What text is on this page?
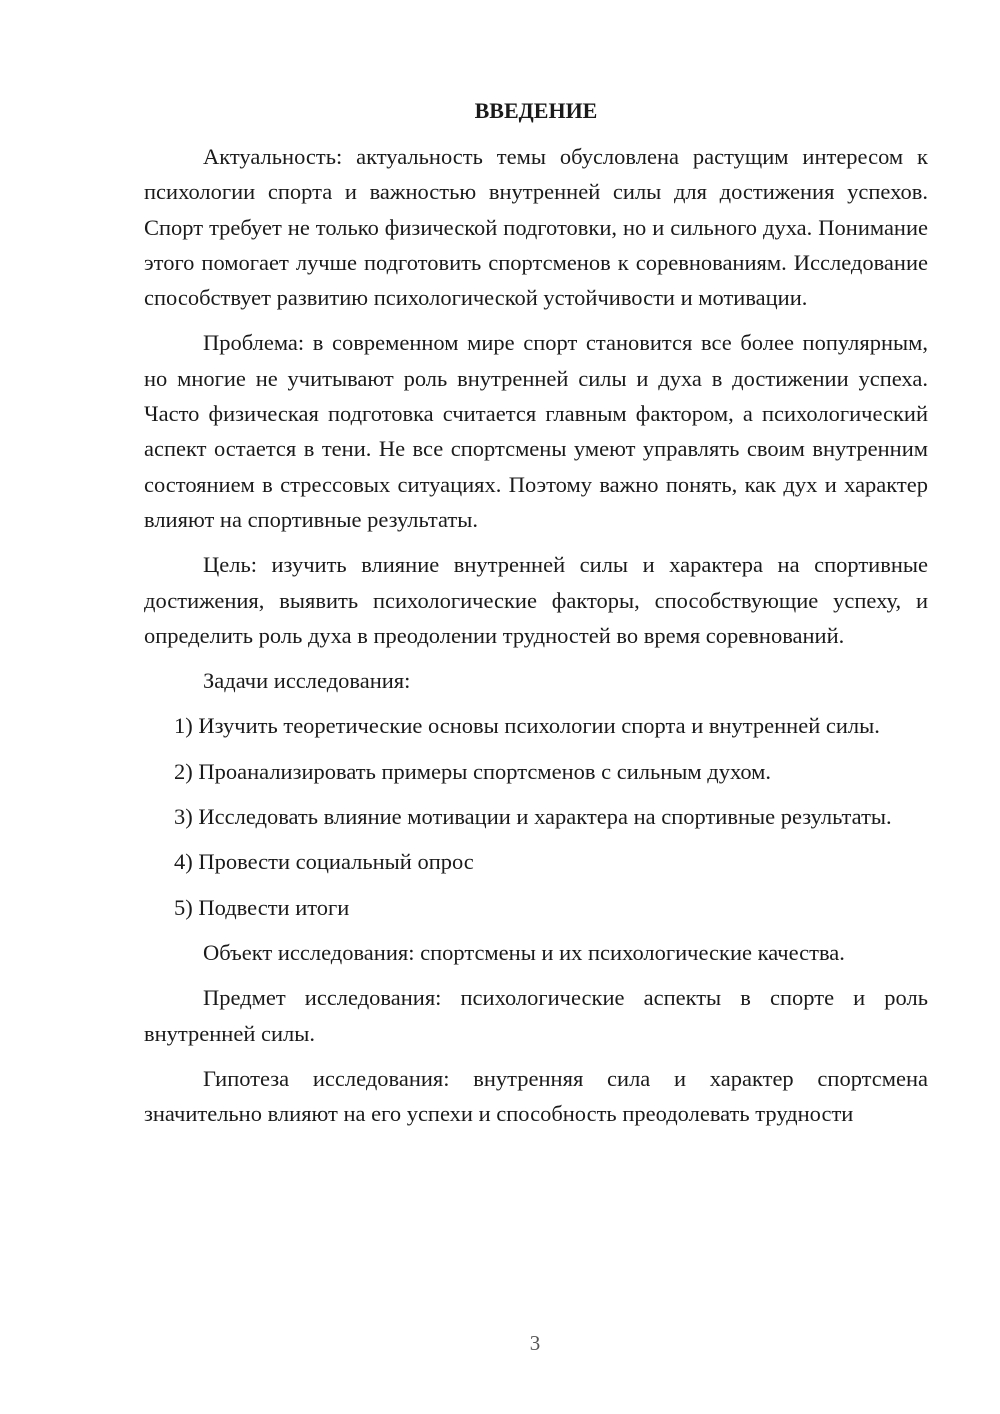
ВВЕДЕНИЕ

Актуальность: актуальность темы обусловлена растущим интересом к психологии спорта и важностью внутренней силы для достижения успехов. Спорт требует не только физической подготовки, но и сильного духа. Понимание этого помогает лучше подготовить спортсменов к соревнованиям. Исследование способствует развитию психологической устойчивости и мотивации.

Проблема: в современном мире спорт становится все более популярным, но многие не учитывают роль внутренней силы и духа в достижении успеха. Часто физическая подготовка считается главным фактором, а психологический аспект остается в тени. Не все спортсмены умеют управлять своим внутренним состоянием в стрессовых ситуациях. Поэтому важно понять, как дух и характер влияют на спортивные результаты.

Цель: изучить влияние внутренней силы и характера на спортивные достижения, выявить психологические факторы, способствующие успеху, и определить роль духа в преодолении трудностей во время соревнований.

Задачи исследования:

1) Изучить теоретические основы психологии спорта и внутренней силы.

2) Проанализировать примеры спортсменов с сильным духом.

3) Исследовать влияние мотивации и характера на спортивные результаты.

4) Провести социальный опрос

5) Подвести итоги

Объект исследования: спортсмены и их психологические качества.

Предмет исследования: психологические аспекты в спорте и роль внутренней силы.

Гипотеза исследования: внутренняя сила и характер спортсмена значительно влияют на его успехи и способность преодолевать трудности

3
